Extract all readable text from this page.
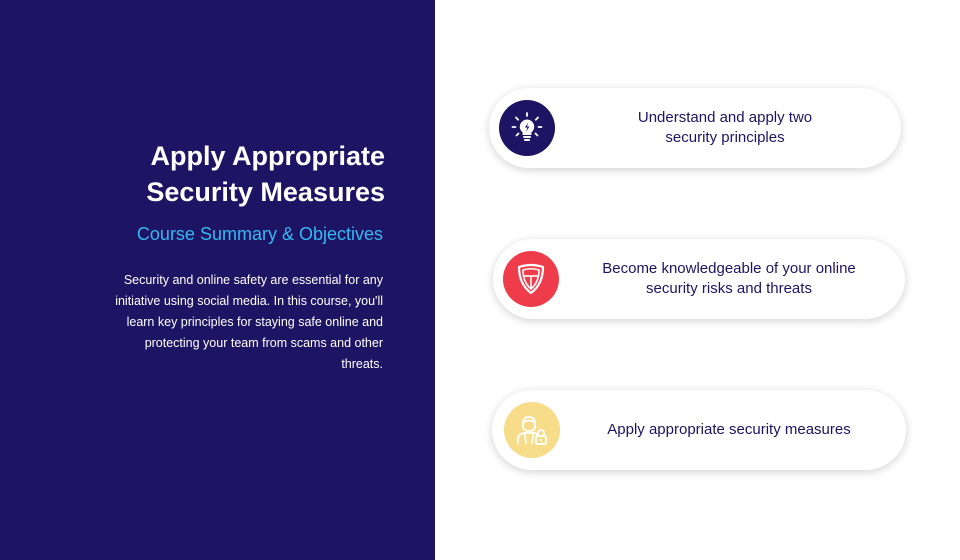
Apply Appropriate
Security Measures
Course Summary & Objectives
Security and online safety are essential for any initiative using social media. In this course, you'll learn key principles for staying safe online and protecting your team from scams and other threats.
Understand and apply two security principles
Become knowledgeable of your online security risks and threats
Apply appropriate security measures
